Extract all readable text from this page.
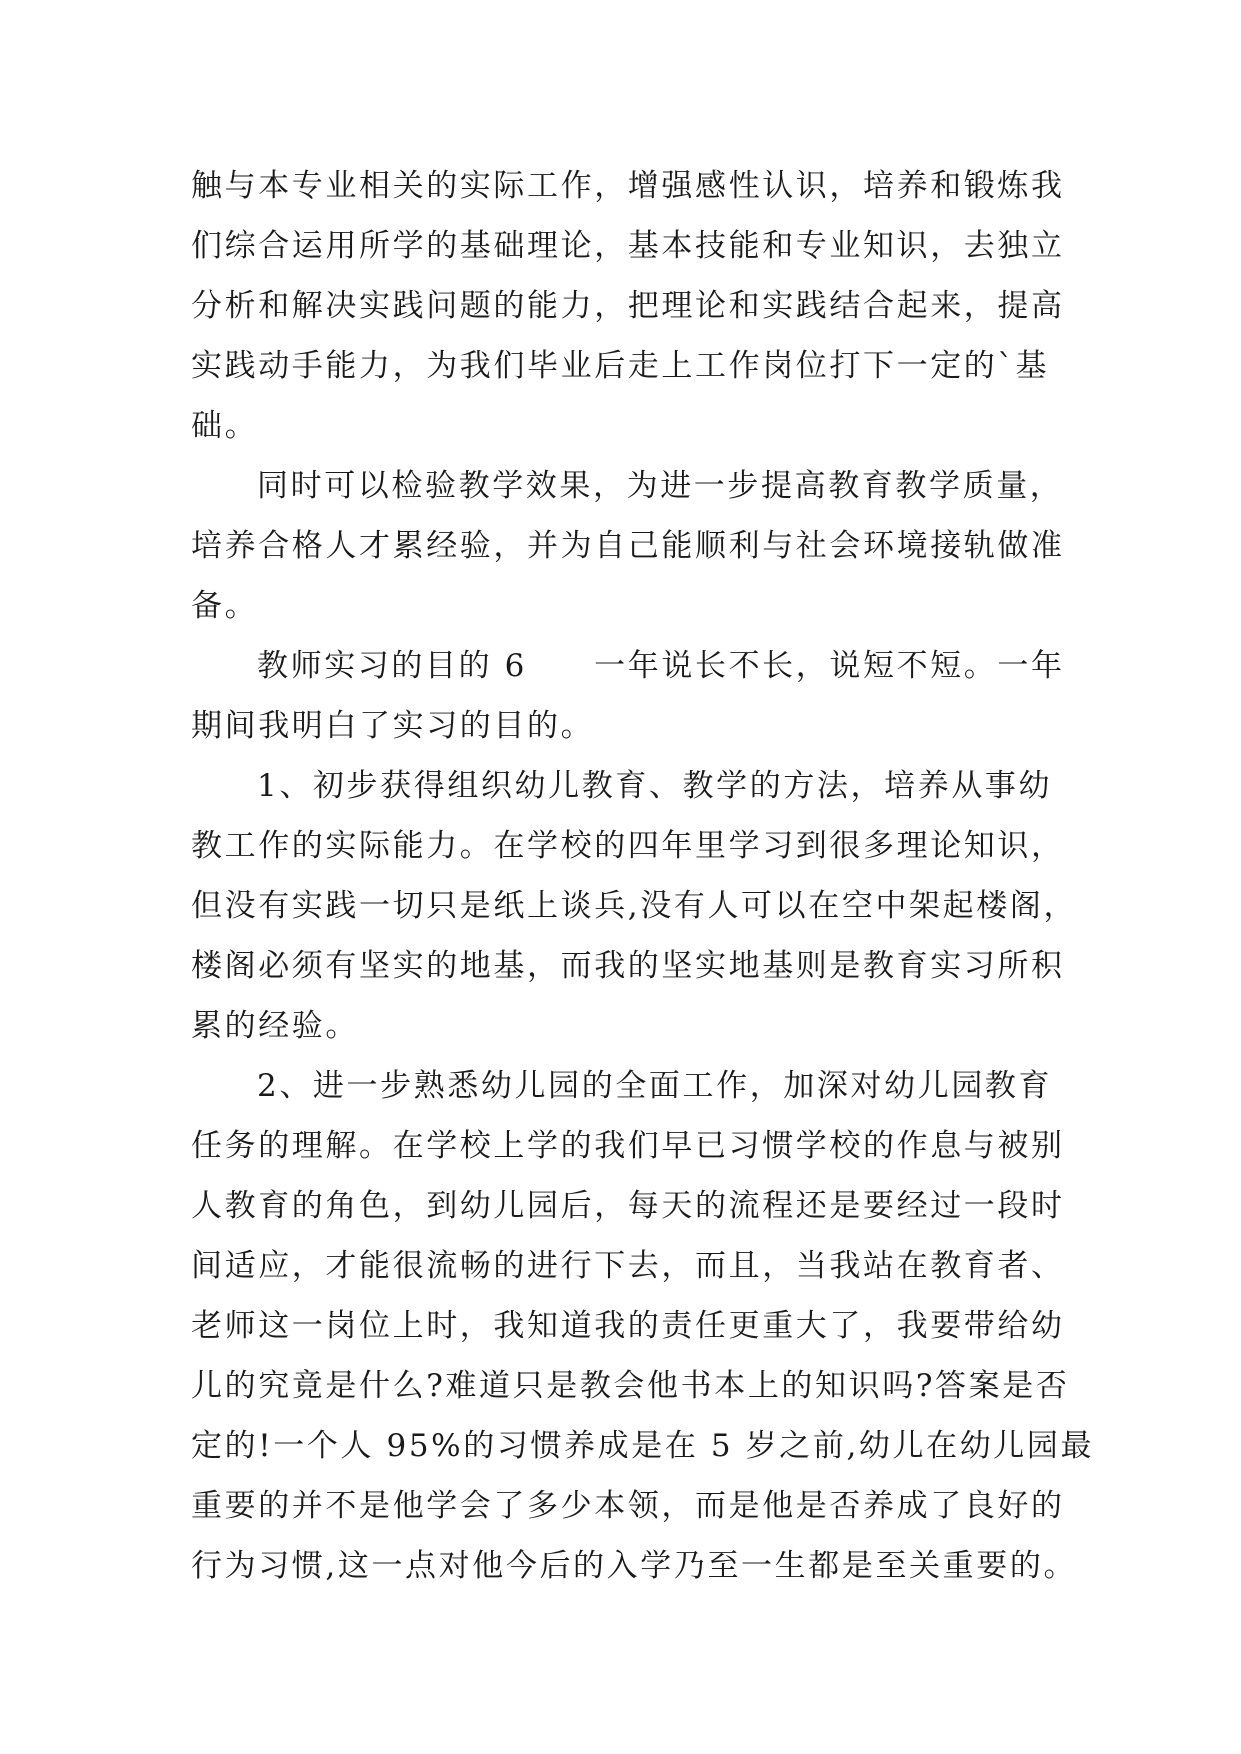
触与本专业相关的实际工作，增强感性认识，培养和锻炼我
们综合运用所学的基础理论，基本技能和专业知识，去独立
分析和解决实践问题的能力，把理论和实践结合起来，提高
实践动手能力，为我们毕业后走上工作岗位打下一定的`基
础。
同时可以检验教学效果，为进一步提高教育教学质量，
培养合格人才累经验，并为自己能顺利与社会环境接轨做准
备。
教师实习的目的 6　　一年说长不长，说短不短。一年
期间我明白了实习的目的。
1、初步获得组织幼儿教育、教学的方法，培养从事幼
教工作的实际能力。在学校的四年里学习到很多理论知识，
但没有实践一切只是纸上谈兵,没有人可以在空中架起楼阁，
楼阁必须有坚实的地基，而我的坚实地基则是教育实习所积
累的经验。
2、进一步熟悉幼儿园的全面工作，加深对幼儿园教育
任务的理解。在学校上学的我们早已习惯学校的作息与被别
人教育的角色，到幼儿园后，每天的流程还是要经过一段时
间适应，才能很流畅的进行下去，而且，当我站在教育者、
老师这一岗位上时，我知道我的责任更重大了，我要带给幼
儿的究竟是什么?难道只是教会他书本上的知识吗?答案是否
定的!一个人 95%的习惯养成是在 5 岁之前,幼儿在幼儿园最
重要的并不是他学会了多少本领，而是他是否养成了良好的
行为习惯,这一点对他今后的入学乃至一生都是至关重要的。
